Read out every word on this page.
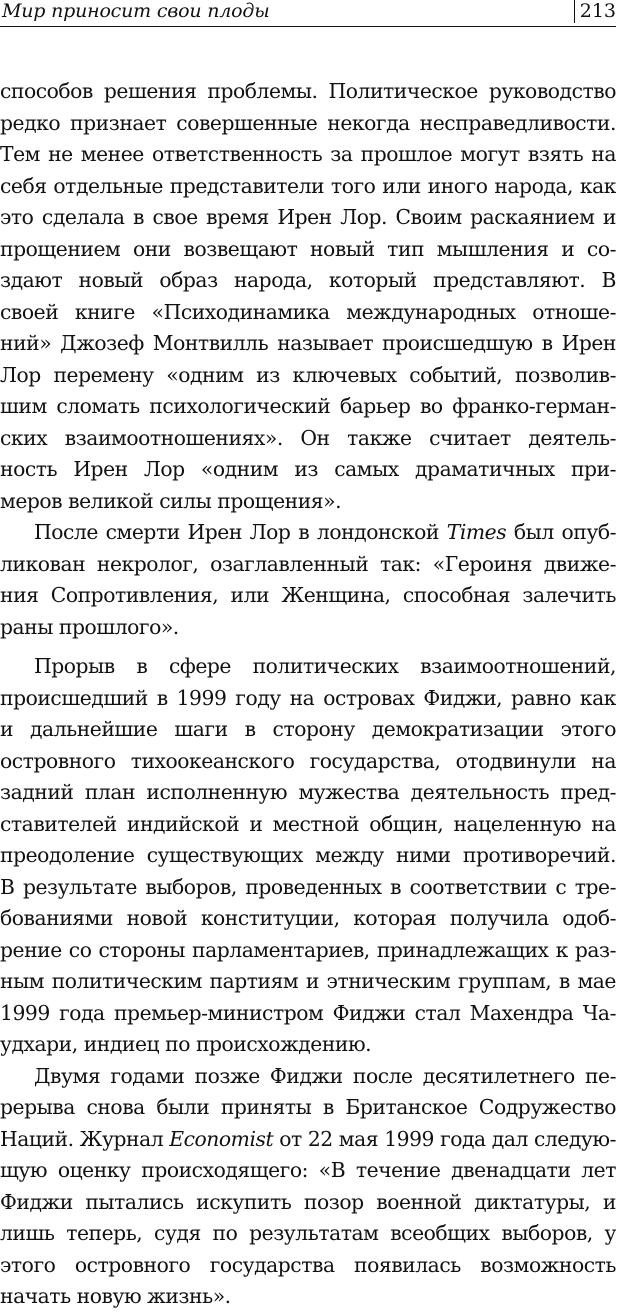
Мир приносит свои плоды	213
способов решения проблемы. Политическое руководство
редко признает совершенные некогда несправедливости.
Тем не менее ответственность за прошлое могут взять на
себя отдельные представители того или иного народа, как
это сделала в свое время Ирен Лор. Своим раскаянием и
прощением они возвещают новый тип мышления и со-
здают новый образ народа, который представляют. В
своей книге «Психодинамика международных отноше-
ний» Джозеф Монтвилль называет происшедшую в Ирен
Лор перемену «одним из ключевых событий, позволив-
шим сломать психологический барьер во франко-герман-
ских взаимоотношениях». Он также считает деятель-
ность Ирен Лор «одним из самых драматичных при-
меров великой силы прощения».
После смерти Ирен Лор в лондонской Times был опуб-
ликован некролог, озаглавленный так: «Героиня движе-
ния Сопротивления, или Женщина, способная залечить
раны прошлого».
Прорыв в сфере политических взаимоотношений,
происшедший в 1999 году на островах Фиджи, равно как
и дальнейшие шаги в сторону демократизации этого
островного тихоокеанского государства, отодвинули на
задний план исполненную мужества деятельность пред-
ставителей индийской и местной общин, нацеленную на
преодоление существующих между ними противоречий.
В результате выборов, проведенных в соответствии с тре-
бованиями новой конституции, которая получила одоб-
рение со стороны парламентариев, принадлежащих к раз-
ным политическим партиям и этническим группам, в мае
1999 года премьер-министром Фиджи стал Махендра Ча-
удхари, индиец по происхождению.
Двумя годами позже Фиджи после десятилетнего пе-
рерыва снова были приняты в Британское Содружество
Наций. Журнал Economist от 22 мая 1999 года дал следую-
щую оценку происходящего: «В течение двенадцати лет
Фиджи пытались искупить позор военной диктатуры, и
лишь теперь, судя по результатам всеобщих выборов, у
этого островного государства появилась возможность
начать новую жизнь».
